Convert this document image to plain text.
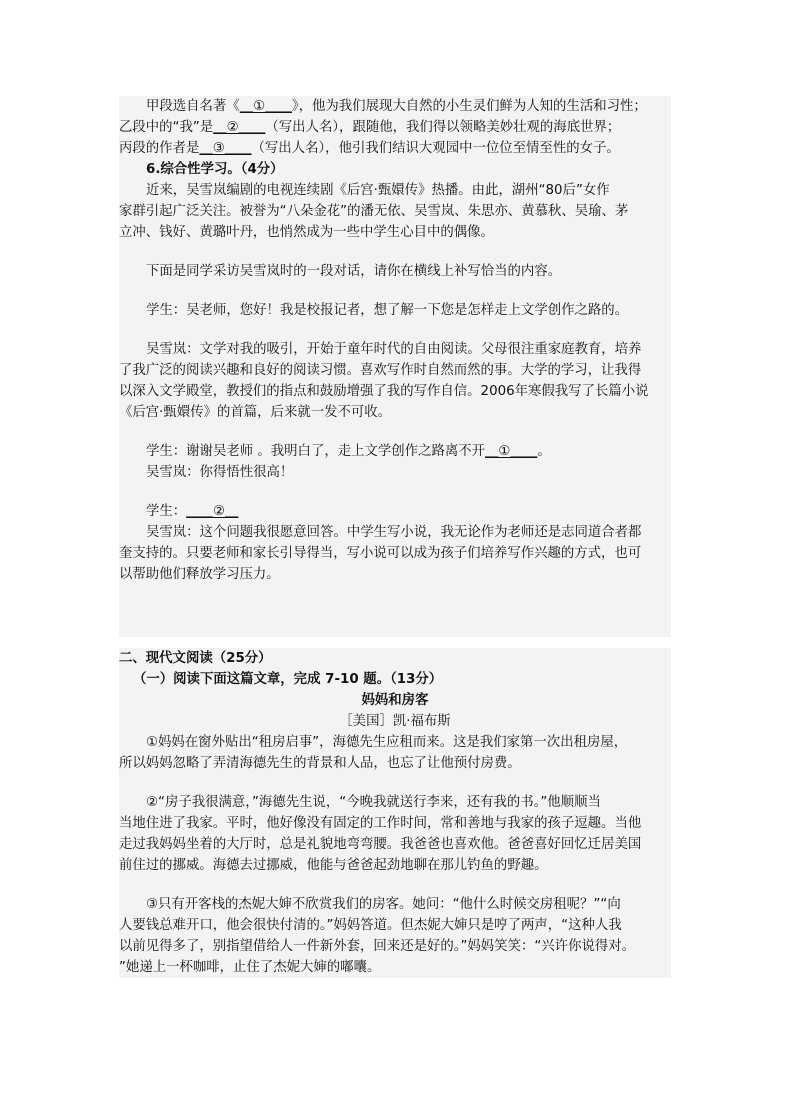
甲段选自名著《＿①＿＿》，他为我们展现大自然的小生灵们鲜为人知的生活和习性；

乙段中的“我”是＿②＿＿（写出人名），跟随他，我们得以领略美妙壮观的海底世界；

丙段的作者是＿③＿＿（写出人名），他引我们结识大观园中一位位至情至性的女子。

6.综合性学习。（4分）

近来，吴雪岚编剧的电视连续剧《后宫·甄嬛传》热播。由此，湖州“80后”女作

家群引起广泛关注。被誉为“八朵金花”的潘无依、吴雪岚、朱思亦、黄慕秋、吴瑜、茅

立冲、钱好、黄璐叶丹，也悄然成为一些中学生心目中的偶像。

下面是同学采访吴雪岚时的一段对话，请你在横线上补写恰当的内容。

学生：吴老师，您好！我是校报记者，想了解一下您是怎样走上文学创作之路的。

吴雪岚：文学对我的吸引，开始于童年时代的自由阅读。父母很注重家庭教育，培养

了我广泛的阅读兴趣和良好的阅读习惯。喜欢写作时自然而然的事。大学的学习，让我得

以深入文学殿堂，教授们的指点和鼓励增强了我的写作自信。2006年寒假我写了长篇小说

《后宫·甄嬛传》的首篇，后来就一发不可收。

学生：谢谢吴老师 。我明白了，走上文学创作之路离不开＿①＿＿。

吴雪岚：你得悟性很高！

学生：＿＿②＿

吴雪岚：这个问题我很愿意回答。中学生写小说，我无论作为老师还是志同道合者都

奎支持的。只要老师和家长引导得当，写小说可以成为孩子们培养写作兴趣的方式，也可

以帮助他们释放学习压力。

二、现代文阅读（25分）

（一）阅读下面这篇文章，完成 7-10 题。（13分）

妈妈和房客

［美国］凯·福布斯

①妈妈在窗外贴出“租房启事”，海德先生应租而来。这是我们家第一次出租房屋，

所以妈妈忽略了弄清海德先生的背景和人品，也忘了让他预付房费。

②“房子我很满意，”海德先生说，“今晚我就送行李来，还有我的书。”他顺顺当

当地住进了我家。平时，他好像没有固定的工作时间，常和善地与我家的孩子逗趣。当他

走过我妈妈坐着的大厅时，总是礼貌地弯弯腰。我爸爸也喜欢他。爸爸喜好回忆迁居美国

前住过的挪威。海德去过挪威，他能与爸爸起劲地聊在那儿钓鱼的野趣。

③只有开客栈的杰妮大婶不欣赏我们的房客。她问：“他什么时候交房租呢？”“向

人要钱总难开口，他会很快付清的。”妈妈答道。但杰妮大婶只是哼了两声，“这种人我

以前见得多了，别指望借给人一件新外套，回来还是好的。”妈妈笑笑：“兴许你说得对。

”她递上一杯咖啡，止住了杰妮大婶的嘟囔。
